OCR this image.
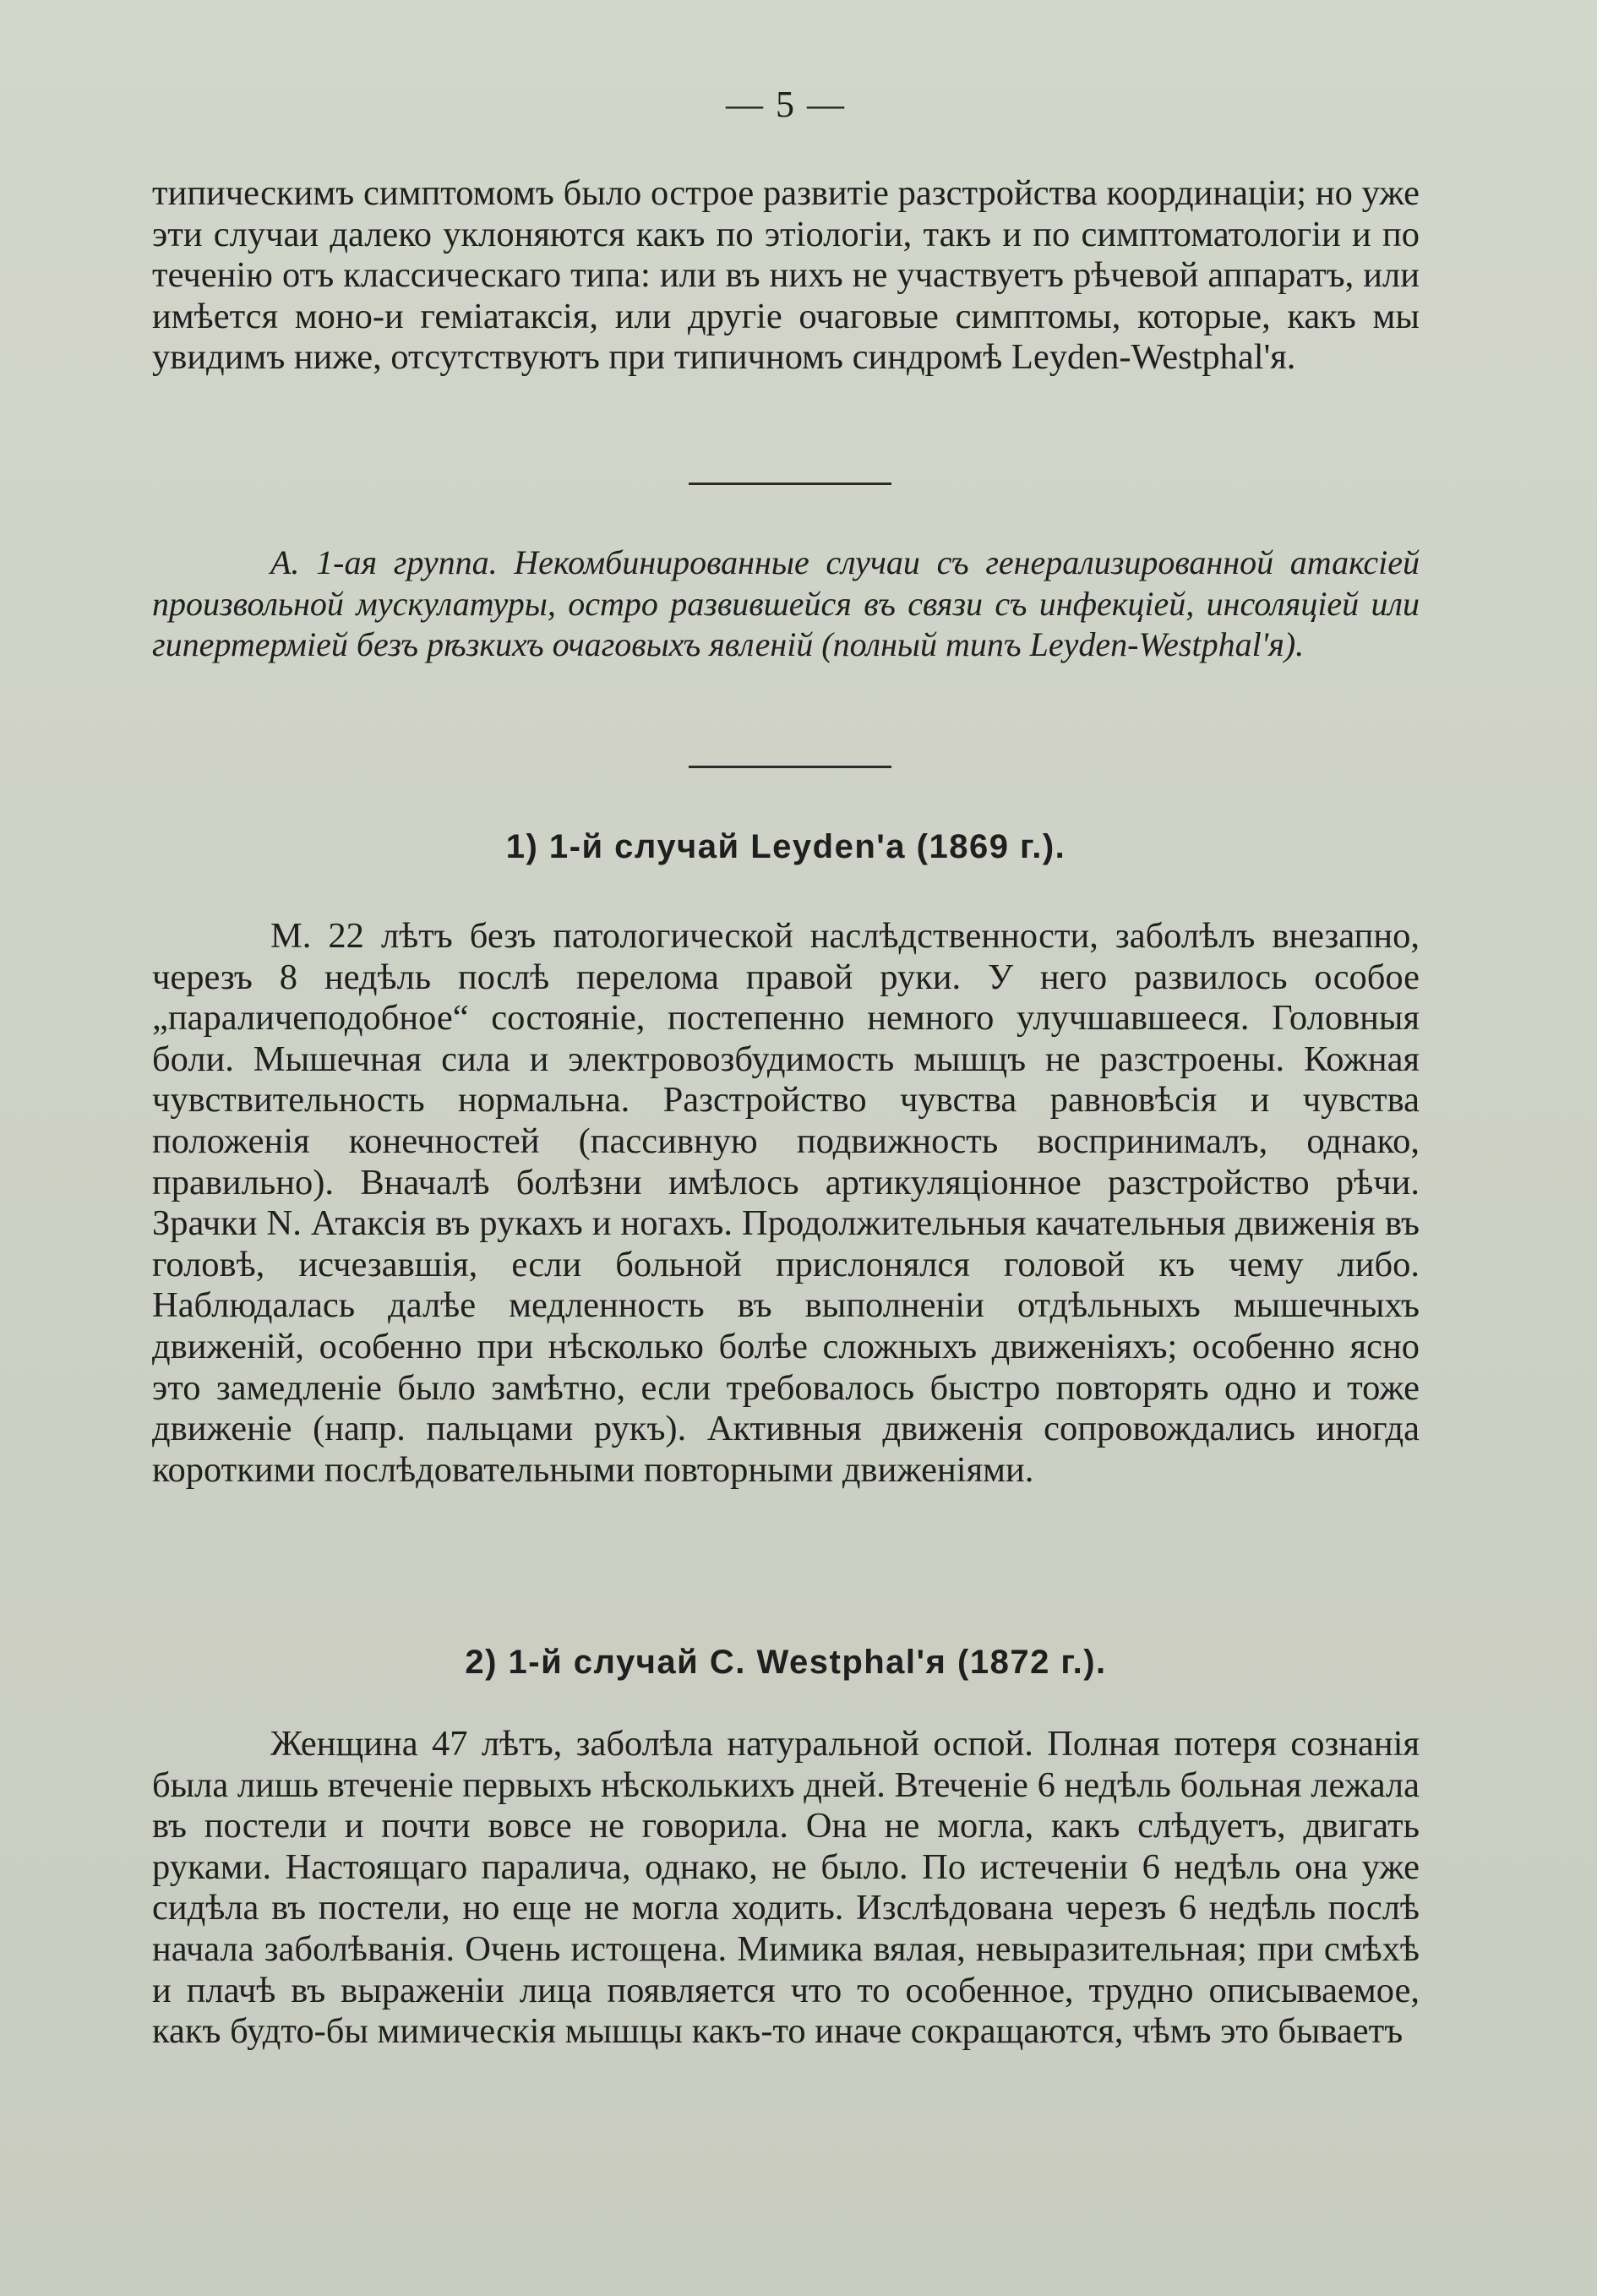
— 5 —

типическимъ симптомомъ было острое развитіе разстройства координаціи; но уже эти случаи далеко уклоняются какъ по этіологіи, такъ и по симптоматологіи и по теченію отъ классическаго типа: или въ нихъ не участвуетъ рѣчевой аппаратъ, или имѣется моно-и геміатаксія, или другіе очаговые симптомы, которые, какъ мы увидимъ ниже, отсутствуютъ при типичномъ синдромѣ Leyden-Westphal'я.

А. 1-ая группа. Некомбинированные случаи съ генерализированной атаксіей произвольной мускулатуры, остро развившейся въ связи съ инфекціей, инсоляціей или гипертерміей безъ рѣзкихъ очаговыхъ явленій (полный типъ Leyden-Westphal'я).

1) 1-й случай Leyden'a (1869 г.).

М. 22 лѣтъ безъ патологической наслѣдственности, заболѣлъ внезапно, черезъ 8 недѣль послѣ перелома правой руки. У него развилось особое „параличеподобное“ состояніе, постепенно немного улучшавшееся. Головныя боли. Мышечная сила и электровозбудимость мышцъ не разстроены. Кожная чувствительность нормальна. Разстройство чувства равновѣсія и чувства положенія конечностей (пассивную подвижность воспринималъ, однако, правильно). Вначалѣ болѣзни имѣлось артикуляціонное разстройство рѣчи. Зрачки N. Атаксія въ рукахъ и ногахъ. Продолжительныя качательныя движенія въ головѣ, исчезавшія, если больной прислонялся головой къ чему либо. Наблюдалась далѣе медленность въ выполненіи отдѣльныхъ мышечныхъ движеній, особенно при нѣсколько болѣе сложныхъ движеніяхъ; особенно ясно это замедленіе было замѣтно, если требовалось быстро повторять одно и тоже движеніе (напр. пальцами рукъ). Активныя движенія сопровождались иногда короткими послѣдовательными повторными движеніями.

2) 1-й случай C. Westphal'я (1872 г.).

Женщина 47 лѣтъ, заболѣла натуральной оспой. Полная потеря сознанія была лишь втеченіе первыхъ нѣсколькихъ дней. Втеченіе 6 недѣль больная лежала въ постели и почти вовсе не говорила. Она не могла, какъ слѣдуетъ, двигать руками. Настоящаго паралича, однако, не было. По истеченіи 6 недѣль она уже сидѣла въ постели, но еще не могла ходить. Изслѣдована черезъ 6 недѣль послѣ начала заболѣванія. Очень истощена. Мимика вялая, невыразительная; при смѣхѣ и плачѣ въ выраженіи лица появляется что то особенное, трудно описываемое, какъ будто-бы мимическія мышцы какъ-то иначе сокращаются, чѣмъ это бываетъ
